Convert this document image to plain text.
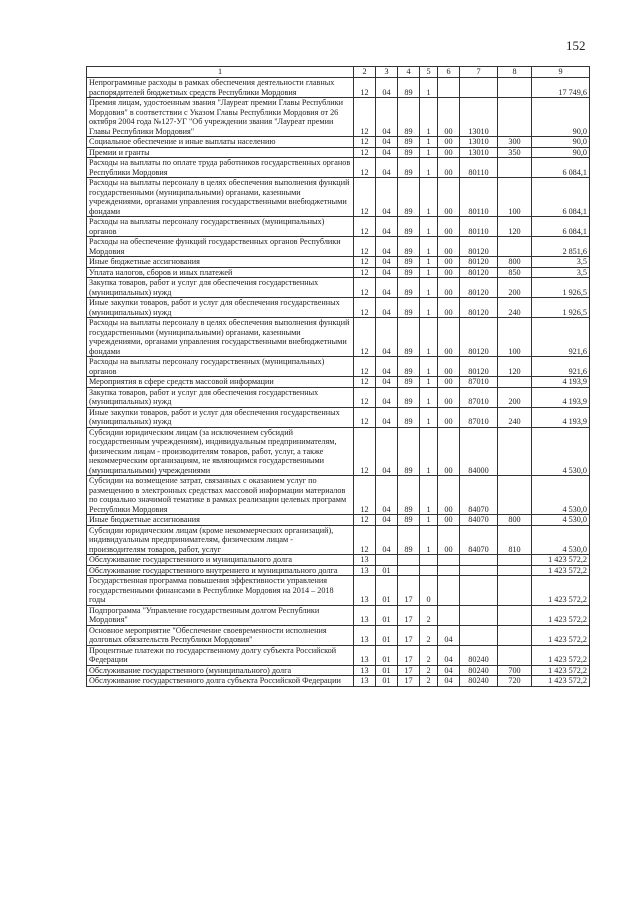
152
1	2	3	4	5	6	7	8	9
Непрограммные расходы в рамках обеспечения деятельности главных распорядителей бюджетных средств Республики Мордовия	12	04	89	1				17 749,6
Премия лицам, удостоенным звания "Лауреат премии Главы Республики Мордовия" в соответствии с Указом Главы Республики Мордовия от 26 октября 2004 года №127-УГ "Об учреждении звания "Лауреат премии Главы Республики Мордовия"	12	04	89	1	00	13010		90,0
Социальное обеспечение и иные выплаты населению	12	04	89	1	00	13010	300	90,0
Премии и гранты	12	04	89	1	00	13010	350	90,0
Расходы на выплаты по оплате труда работников государственных органов Республики Мордовия	12	04	89	1	00	80110		6 084,1
Расходы на выплаты персоналу в целях обеспечения выполнения функций государственными (муниципальными) органами, казенными учреждениями, органами управления государственными внебюджетными фондами	12	04	89	1	00	80110	100	6 084,1
Расходы на выплаты персоналу государственных (муниципальных) органов	12	04	89	1	00	80110	120	6 084,1
Расходы на обеспечение функций государственных органов Республики Мордовия	12	04	89	1	00	80120		2 851,6
Иные бюджетные ассигнования	12	04	89	1	00	80120	800	3,5
Уплата налогов, сборов и иных платежей	12	04	89	1	00	80120	850	3,5
Закупка товаров, работ и услуг для обеспечения государственных (муниципальных) нужд	12	04	89	1	00	80120	200	1 926,5
Иные закупки товаров, работ и услуг для обеспечения государственных (муниципальных) нужд	12	04	89	1	00	80120	240	1 926,5
Расходы на выплаты персоналу в целях обеспечения выполнения функций государственными (муниципальными) органами, казенными учреждениями, органами управления государственными внебюджетными фондами	12	04	89	1	00	80120	100	921,6
Расходы на выплаты персоналу государственных (муниципальных) органов	12	04	89	1	00	80120	120	921,6
Мероприятия в сфере средств массовой информации	12	04	89	1	00	87010		4 193,9
Закупка товаров, работ и услуг для обеспечения государственных (муниципальных) нужд	12	04	89	1	00	87010	200	4 193,9
Иные закупки товаров, работ и услуг для обеспечения государственных (муниципальных) нужд	12	04	89	1	00	87010	240	4 193,9
Субсидии юридическим лицам (за исключением субсидий государственным учреждениям), индивидуальным предпринимателям, физическим лицам - производителям товаров, работ, услуг, а также некоммерческим организациям, не являющимся государственными (муниципальными) учреждениями	12	04	89	1	00	84000		4 530,0
Субсидии на возмещение затрат, связанных с оказанием услуг по размещению в электронных средствах массовой информации материалов по социально значимой тематике в рамках реализации целевых программ Республики Мордовия	12	04	89	1	00	84070		4 530,0
Иные бюджетные ассигнования	12	04	89	1	00	84070	800	4 530,0
Субсидии юридическим лицам (кроме некоммерческих организаций), индивидуальным предпринимателям, физическим лицам - производителям товаров, работ, услуг	12	04	89	1	00	84070	810	4 530,0
Обслуживание государственного и муниципального долга	13							1 423 572,2
Обслуживание государственного внутреннего и муниципального долга	13	01						1 423 572,2
Государственная программа повышения эффективности управления государственными финансами в Республике Мордовия на 2014 – 2018 годы	13	01	17	0				1 423 572,2
Подпрограмма "Управление государственным долгом Республики Мордовия"	13	01	17	2				1 423 572,2
Основное мероприятие "Обеспечение своевременности исполнения долговых обязательств Республики Мордовия"	13	01	17	2	04			1 423 572,2
Процентные платежи по государственному долгу субъекта Российской Федерации	13	01	17	2	04	80240		1 423 572,2
Обслуживание государственного (муниципального) долга	13	01	17	2	04	80240	700	1 423 572,2
Обслуживание государственного долга субъекта Российской Федерации	13	01	17	2	04	80240	720	1 423 572,2
